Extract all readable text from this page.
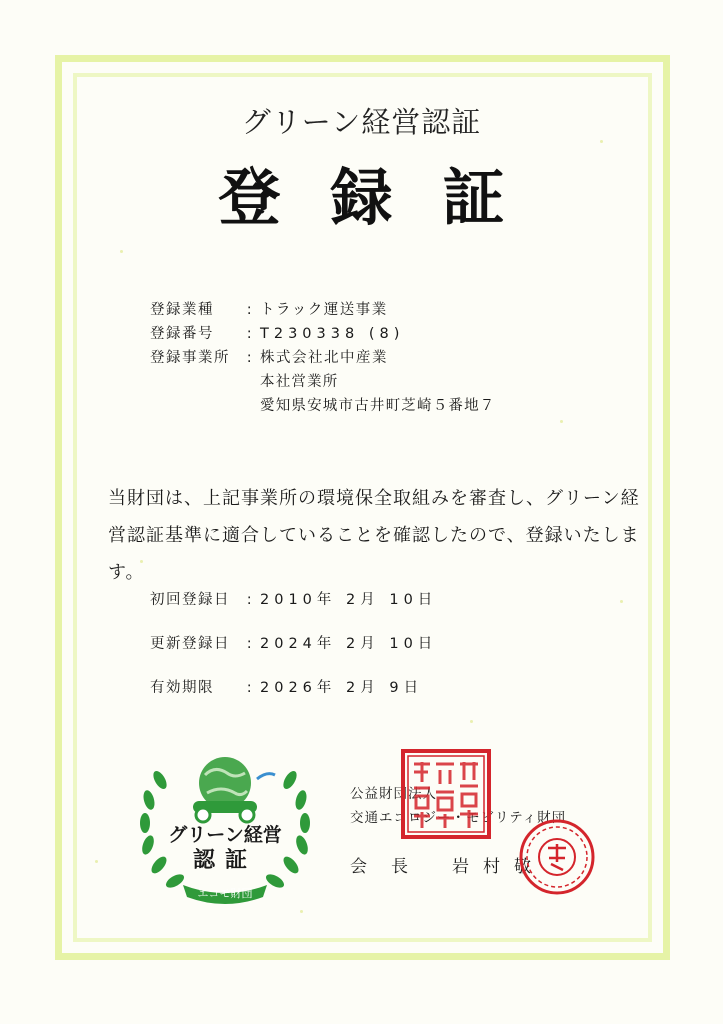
グリーン経営認証
登録証
登録業種 : トラック運送事業
登録番号 : T230338 (8)
登録事業所 : 株式会社北中産業
本社営業所
愛知県安城市古井町芝崎５番地７
当財団は、上記事業所の環境保全取組みを審査し、グリーン経営認証基準に適合していることを確認したので、登録いたします。
初回登録日 : 2010年 2月 10日
更新登録日 : 2024年 2月 10日
有効期限 : 2026年 2月 9日
グリーン経営
認証
エコモ財団
公益財団法人
交通エコロジー・モビリティ財団
会長 岩村敬
